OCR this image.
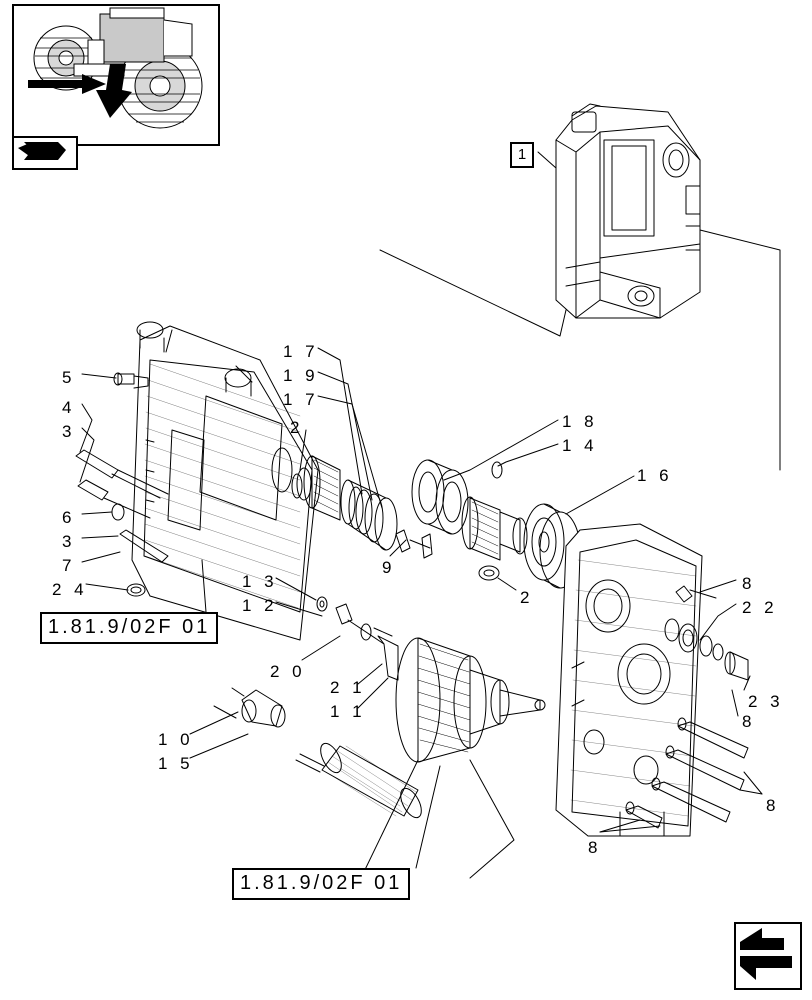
1
1.81.9/02F 01
1.81.9/02F 01
5
4
3
6
3
7
2 4
1 7
1 9
1 7
2	1 8
1 4
1 6
9
2
1 3
1 2
2 0
2 1
1 1
1 0
1 5
8
2 2
2 3
8
8
8
